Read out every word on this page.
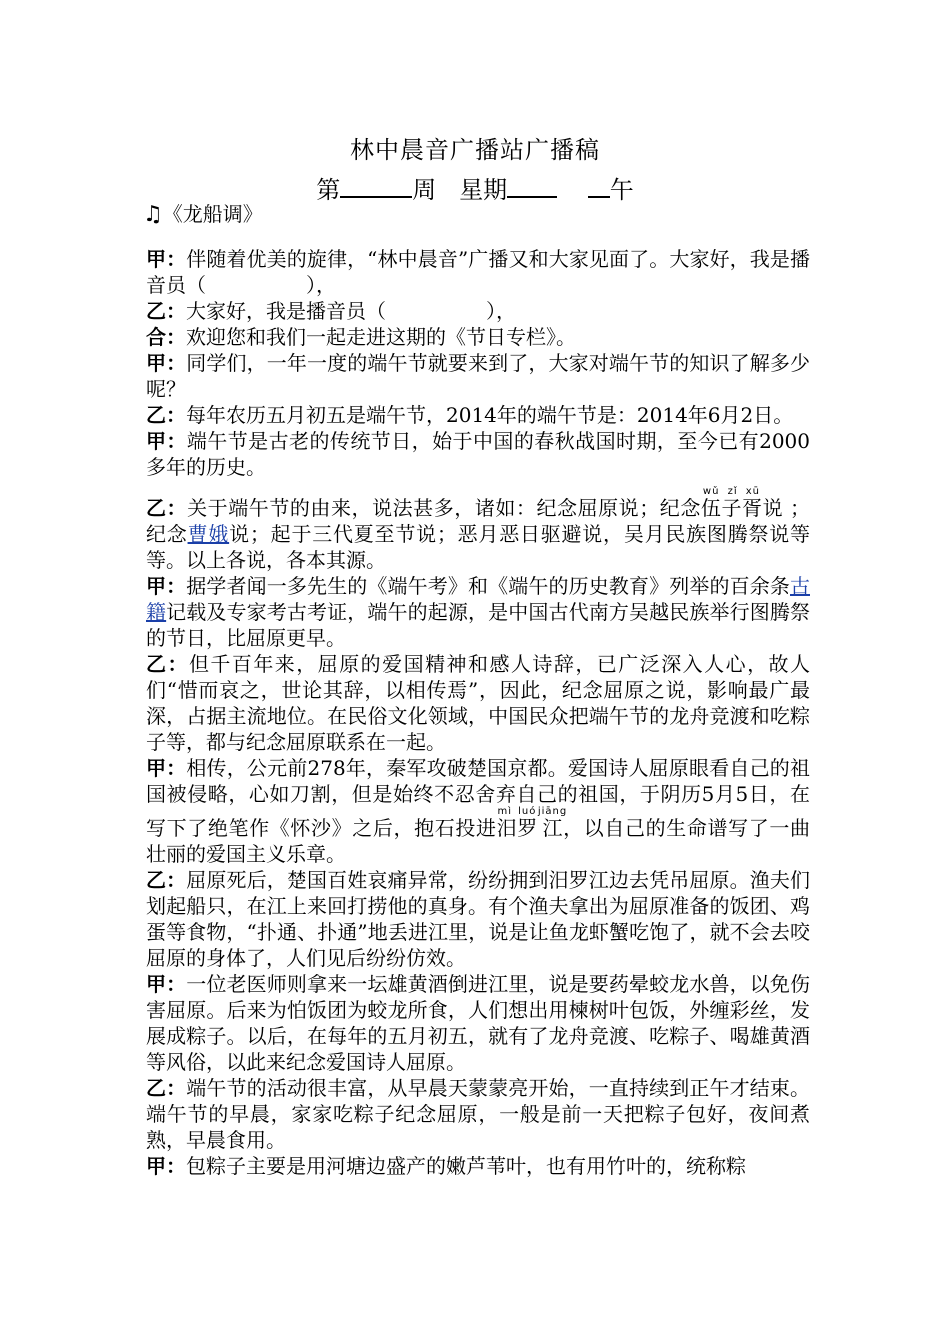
林中晨音广播站广播稿
第	周 星期	午
♫《龙船调》

甲：伴随着优美的旋律，“林中晨音”广播又和大家见面了。大家好，我是播音员（　　　　　），

乙：大家好，我是播音员（　　　　　），

合：欢迎您和我们一起走进这期的《节日专栏》。

甲：同学们，一年一度的端午节就要来到了，大家对端午节的知识了解多少呢？

乙：每年农历五月初五是端午节，2014年的端午节是：2014年6月2日。

甲：端午节是古老的传统节日，始于中国的春秋战国时期，至今已有2000多年的历史。

乙：关于端午节的由来，说法甚多，诸如：纪念屈原说；纪念伍子胥wǔ zǐ xū说 ；纪念曹娥说；起于三代夏至节说；恶月恶日驱避说，吴月民族图腾祭说等等。以上各说，各本其源。

甲：据学者闻一多先生的《端午考》和《端午的历史教育》列举的百余条古籍记载及专家考古考证，端午的起源，是中国古代南方吴越民族举行图腾祭的节日，比屈原更早。

乙：但千百年来，屈原的爱国精神和感人诗辞，已广泛深入人心，故人们“惜而哀之，世论其辞，以相传焉”，因此，纪念屈原之说，影响最广最深，占据主流地位。在民俗文化领域，中国民众把端午节的龙舟竞渡和吃粽子等，都与纪念屈原联系在一起。

甲：相传，公元前278年，秦军攻破楚国京都。爱国诗人屈原眼看自己的祖国被侵略，心如刀割，但是始终不忍舍弃自己的祖国，于阴历5月5日，在写下了绝笔作《怀沙》之后，抱石投进汨罗mì luó江jiāng，以自己的生命谱写了一曲壮丽的爱国主义乐章。

乙：屈原死后，楚国百姓哀痛异常，纷纷拥到汨罗江边去凭吊屈原。渔夫们划起船只，在江上来回打捞他的真身。有个渔夫拿出为屈原准备的饭团、鸡蛋等食物，“扑通、扑通”地丢进江里，说是让鱼龙虾蟹吃饱了，就不会去咬屈原的身体了，人们见后纷纷仿效。

甲：一位老医师则拿来一坛雄黄酒倒进江里，说是要药晕蛟龙水兽，以免伤害屈原。后来为怕饭团为蛟龙所食，人们想出用楝树叶包饭，外缠彩丝，发展成粽子。以后，在每年的五月初五，就有了龙舟竞渡、吃粽子、喝雄黄酒等风俗，以此来纪念爱国诗人屈原。

乙：端午节的活动很丰富，从早晨天蒙蒙亮开始，一直持续到正午才结束。端午节的早晨，家家吃粽子纪念屈原，一般是前一天把粽子包好，夜间煮熟，早晨食用。

甲：包粽子主要是用河塘边盛产的嫩芦苇叶，也有用竹叶的，统称粽
